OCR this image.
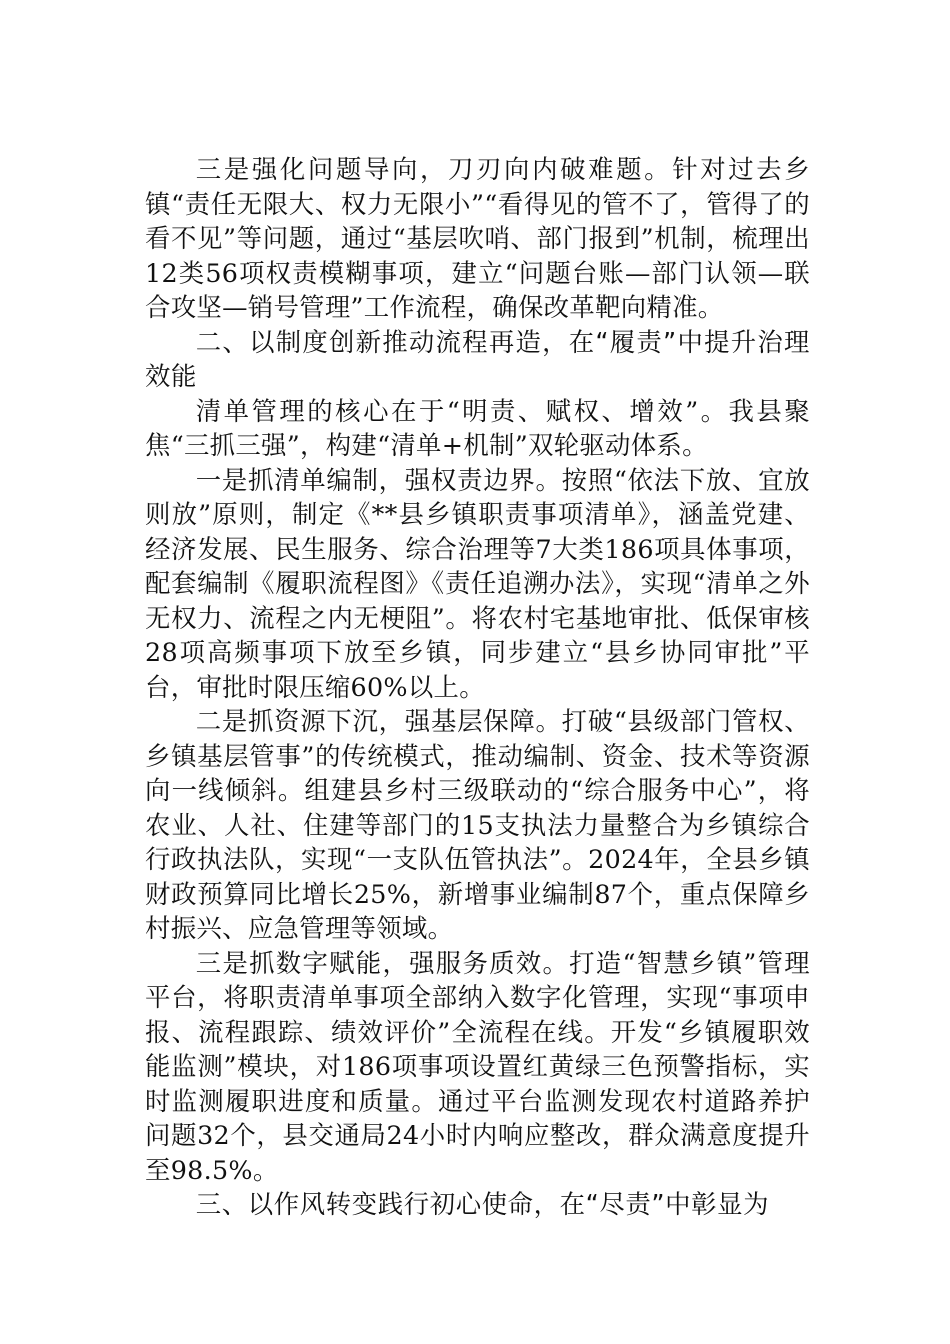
三是强化问题导向，刀刃向内破难题。针对过去乡镇“责任无限大、权力无限小”“看得见的管不了，管得了的看不见”等问题，通过“基层吹哨、部门报到”机制，梳理出12类56项权责模糊事项，建立“问题台账—部门认领—联合攻坚—销号管理”工作流程，确保改革靶向精准。

二、以制度创新推动流程再造，在“履责”中提升治理效能

清单管理的核心在于“明责、赋权、增效”。我县聚焦“三抓三强”，构建“清单+机制”双轮驱动体系。

一是抓清单编制，强权责边界。按照“依法下放、宜放则放”原则，制定《**县乡镇职责事项清单》，涵盖党建、经济发展、民生服务、综合治理等7大类186项具体事项，配套编制《履职流程图》《责任追溯办法》，实现“清单之外无权力、流程之内无梗阻”。将农村宅基地审批、低保审核28项高频事项下放至乡镇，同步建立“县乡协同审批”平台，审批时限压缩60%以上。

二是抓资源下沉，强基层保障。打破“县级部门管权、乡镇基层管事”的传统模式，推动编制、资金、技术等资源向一线倾斜。组建县乡村三级联动的“综合服务中心”，将农业、人社、住建等部门的15支执法力量整合为乡镇综合行政执法队，实现“一支队伍管执法”。2024年，全县乡镇财政预算同比增长25%，新增事业编制87个，重点保障乡村振兴、应急管理等领域。

三是抓数字赋能，强服务质效。打造“智慧乡镇”管理平台，将职责清单事项全部纳入数字化管理，实现“事项申报、流程跟踪、绩效评价”全流程在线。开发“乡镇履职效能监测”模块，对186项事项设置红黄绿三色预警指标，实时监测履职进度和质量。通过平台监测发现农村道路养护问题32个，县交通局24小时内响应整改，群众满意度提升至98.5%。

三、以作风转变践行初心使命，在“尽责”中彰显为
